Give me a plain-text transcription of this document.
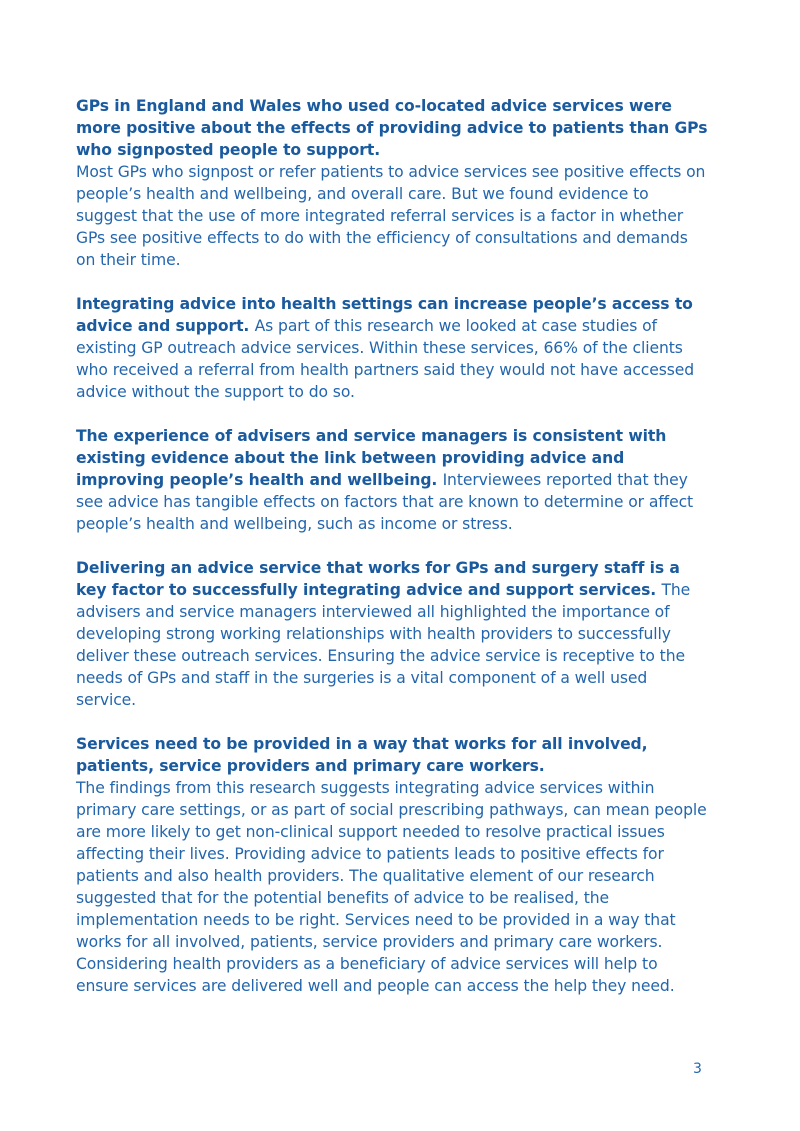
GPs in England and Wales who used co-located advice services were more positive about the effects of providing advice to patients than GPs who signposted people to support.
Most GPs who signpost or refer patients to advice services see positive effects on people’s health and wellbeing, and overall care. But we found evidence to suggest that the use of more integrated referral services is a factor in whether GPs see positive effects to do with the efficiency of consultations and demands on their time.

Integrating advice into health settings can increase people’s access to advice and support. As part of this research we looked at case studies of existing GP outreach advice services. Within these services, 66% of the clients who received a referral from health partners said they would not have accessed advice without the support to do so.

The experience of advisers and service managers is consistent with existing evidence about the link between providing advice and improving people’s health and wellbeing. Interviewees reported that they see advice has tangible effects on factors that are known to determine or affect people’s health and wellbeing, such as income or stress.

Delivering an advice service that works for GPs and surgery staff is a key factor to successfully integrating advice and support services. The advisers and service managers interviewed all highlighted the importance of developing strong working relationships with health providers to successfully deliver these outreach services. Ensuring the advice service is receptive to the needs of GPs and staff in the surgeries is a vital component of a well used service.

Services need to be provided in a way that works for all involved, patients, service providers and primary care workers.
The findings from this research suggests integrating advice services within primary care settings, or as part of social prescribing pathways, can mean people are more likely to get non-clinical support needed to resolve practical issues affecting their lives. Providing advice to patients leads to positive effects for patients and also health providers. The qualitative element of our research suggested that for the potential benefits of advice to be realised, the implementation needs to be right. Services need to be provided in a way that works for all involved, patients, service providers and primary care workers. Considering health providers as a beneficiary of advice services will help to ensure services are delivered well and people can access the help they need.

3
